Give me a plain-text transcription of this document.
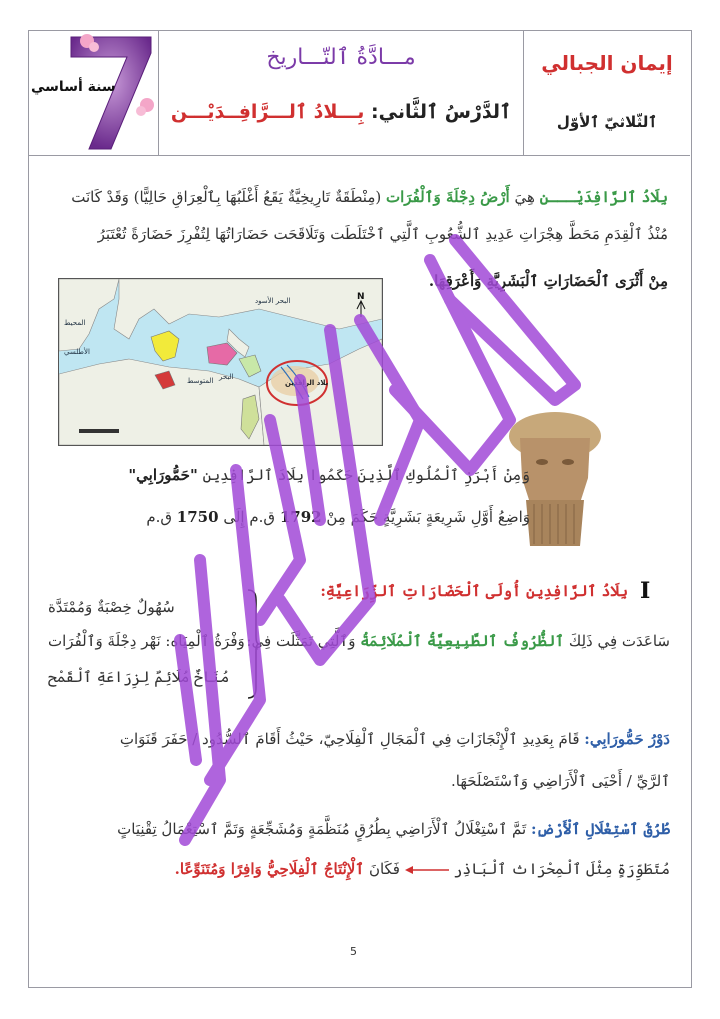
سنة أساسي
مـــادَّةُ ٱلتّـــاريخ
ٱلدَّرْسُ ٱلثَّاني: بِـــلادُ ٱلـــرَّافِــدَيْـــن
إيمان الجبالي
ٱلثّلاثيّ ٱلأوّل
بِلَادُ ٱلرَّافِدَيْـــن هِيَ أَرْضُ دِجْلَةَ وَٱلْفُرَات (مِنْطَقَةٌ تَارِيخِيَّةٌ يَقَعُ أَغْلَبُهَا بِٱلْعِرَاقِ حَالِيًّا) وَقَدْ كَانَت
مُنْذُ ٱلْقِدَمِ مَحَطَّ هِجْرَاتِ عَدِيدِ ٱلشُّعُوبِ ٱلَّتِي ٱخْتَلَطَت وَتَلَاقَحَت حَضَارَاتُهَا لِتُفْرِزَ حَضَارَةً تُعْتَبَرُ
مِنْ أَثْرَى ٱلْحَضَارَاتِ ٱلْبَشَرِيَّةِ وَأَعْرَقِهَا.
المحيط
الأطلسي
البحر الأسود
المتوسط البحر
بلاد الرافدين
N
وَمِنْ أَبْرَزِ ٱلْمُلُوكِ ٱلَّذِينَ حَكَمُوا بِلَادَ ٱلرَّافِدِين "حَمُّورَابِي"
وَاضِعُ أَوَّلِ شَرِيعَةٍ بَشَرِيَّةٍ حَكَمَ مِنْ 1792 ق.م إِلَى 1750 ق.م
I
بِلَادُ ٱلرَّافِدِينِ أُولَى ٱلْحَضَارَاتِ ٱلزِّرَاعِيَّةِ:
سُهُولٌ خِصْبَةٌ وَمُمْتَدَّة
وَفْرَةُ ٱلْمِيَاه: نَهْر دِجْلَةَ وَٱلْفُرَات
مُنَاخٌ مُلَائِمٌ لِزِرَاعَةِ ٱلْقَمْح
سَاعَدَت فِي ذَلِكَ ٱلظُّرُوفُ ٱلطَّبِيعِيَّةُ ٱلْمُلَائِمَةُ وَٱلَّتِي تَمَثَّلَت فِي:
دَوْرُ حَمُّورَابِي: قَامَ بِعَدِيدِ ٱلْإِنْجَازَاتِ فِي ٱلْمَجَالِ ٱلْفِلَاحِيّ، حَيْثُ أَقَامَ ٱلسُّدُود / حَفَرَ قَنَوَاتِ
ٱلرَّيِّ / أَحْيَى ٱلْأَرَاضِي وَٱسْتَصْلَحَهَا.
طُرُقُ ٱسْتِغْلَالِ ٱلْأَرْضِ: تَمَّ ٱسْتِغْلَالُ ٱلْأَرَاضِي بِطُرُقٍ مُنَظَّمَةٍ وَمُشَجِّعَةٍ وَتَمَّ ٱسْتِعْمَالُ تِقْنِيَاتٍ
مُتَطَوِّرَةٍ مِثْلَ ٱلْمِحْرَاث ٱلْبَاذِر  فَكَانَ ٱلْإِنْتَاجُ ٱلْفِلَاحِيُّ وَافِرًا وَمُتَنَوِّعًا.
5
